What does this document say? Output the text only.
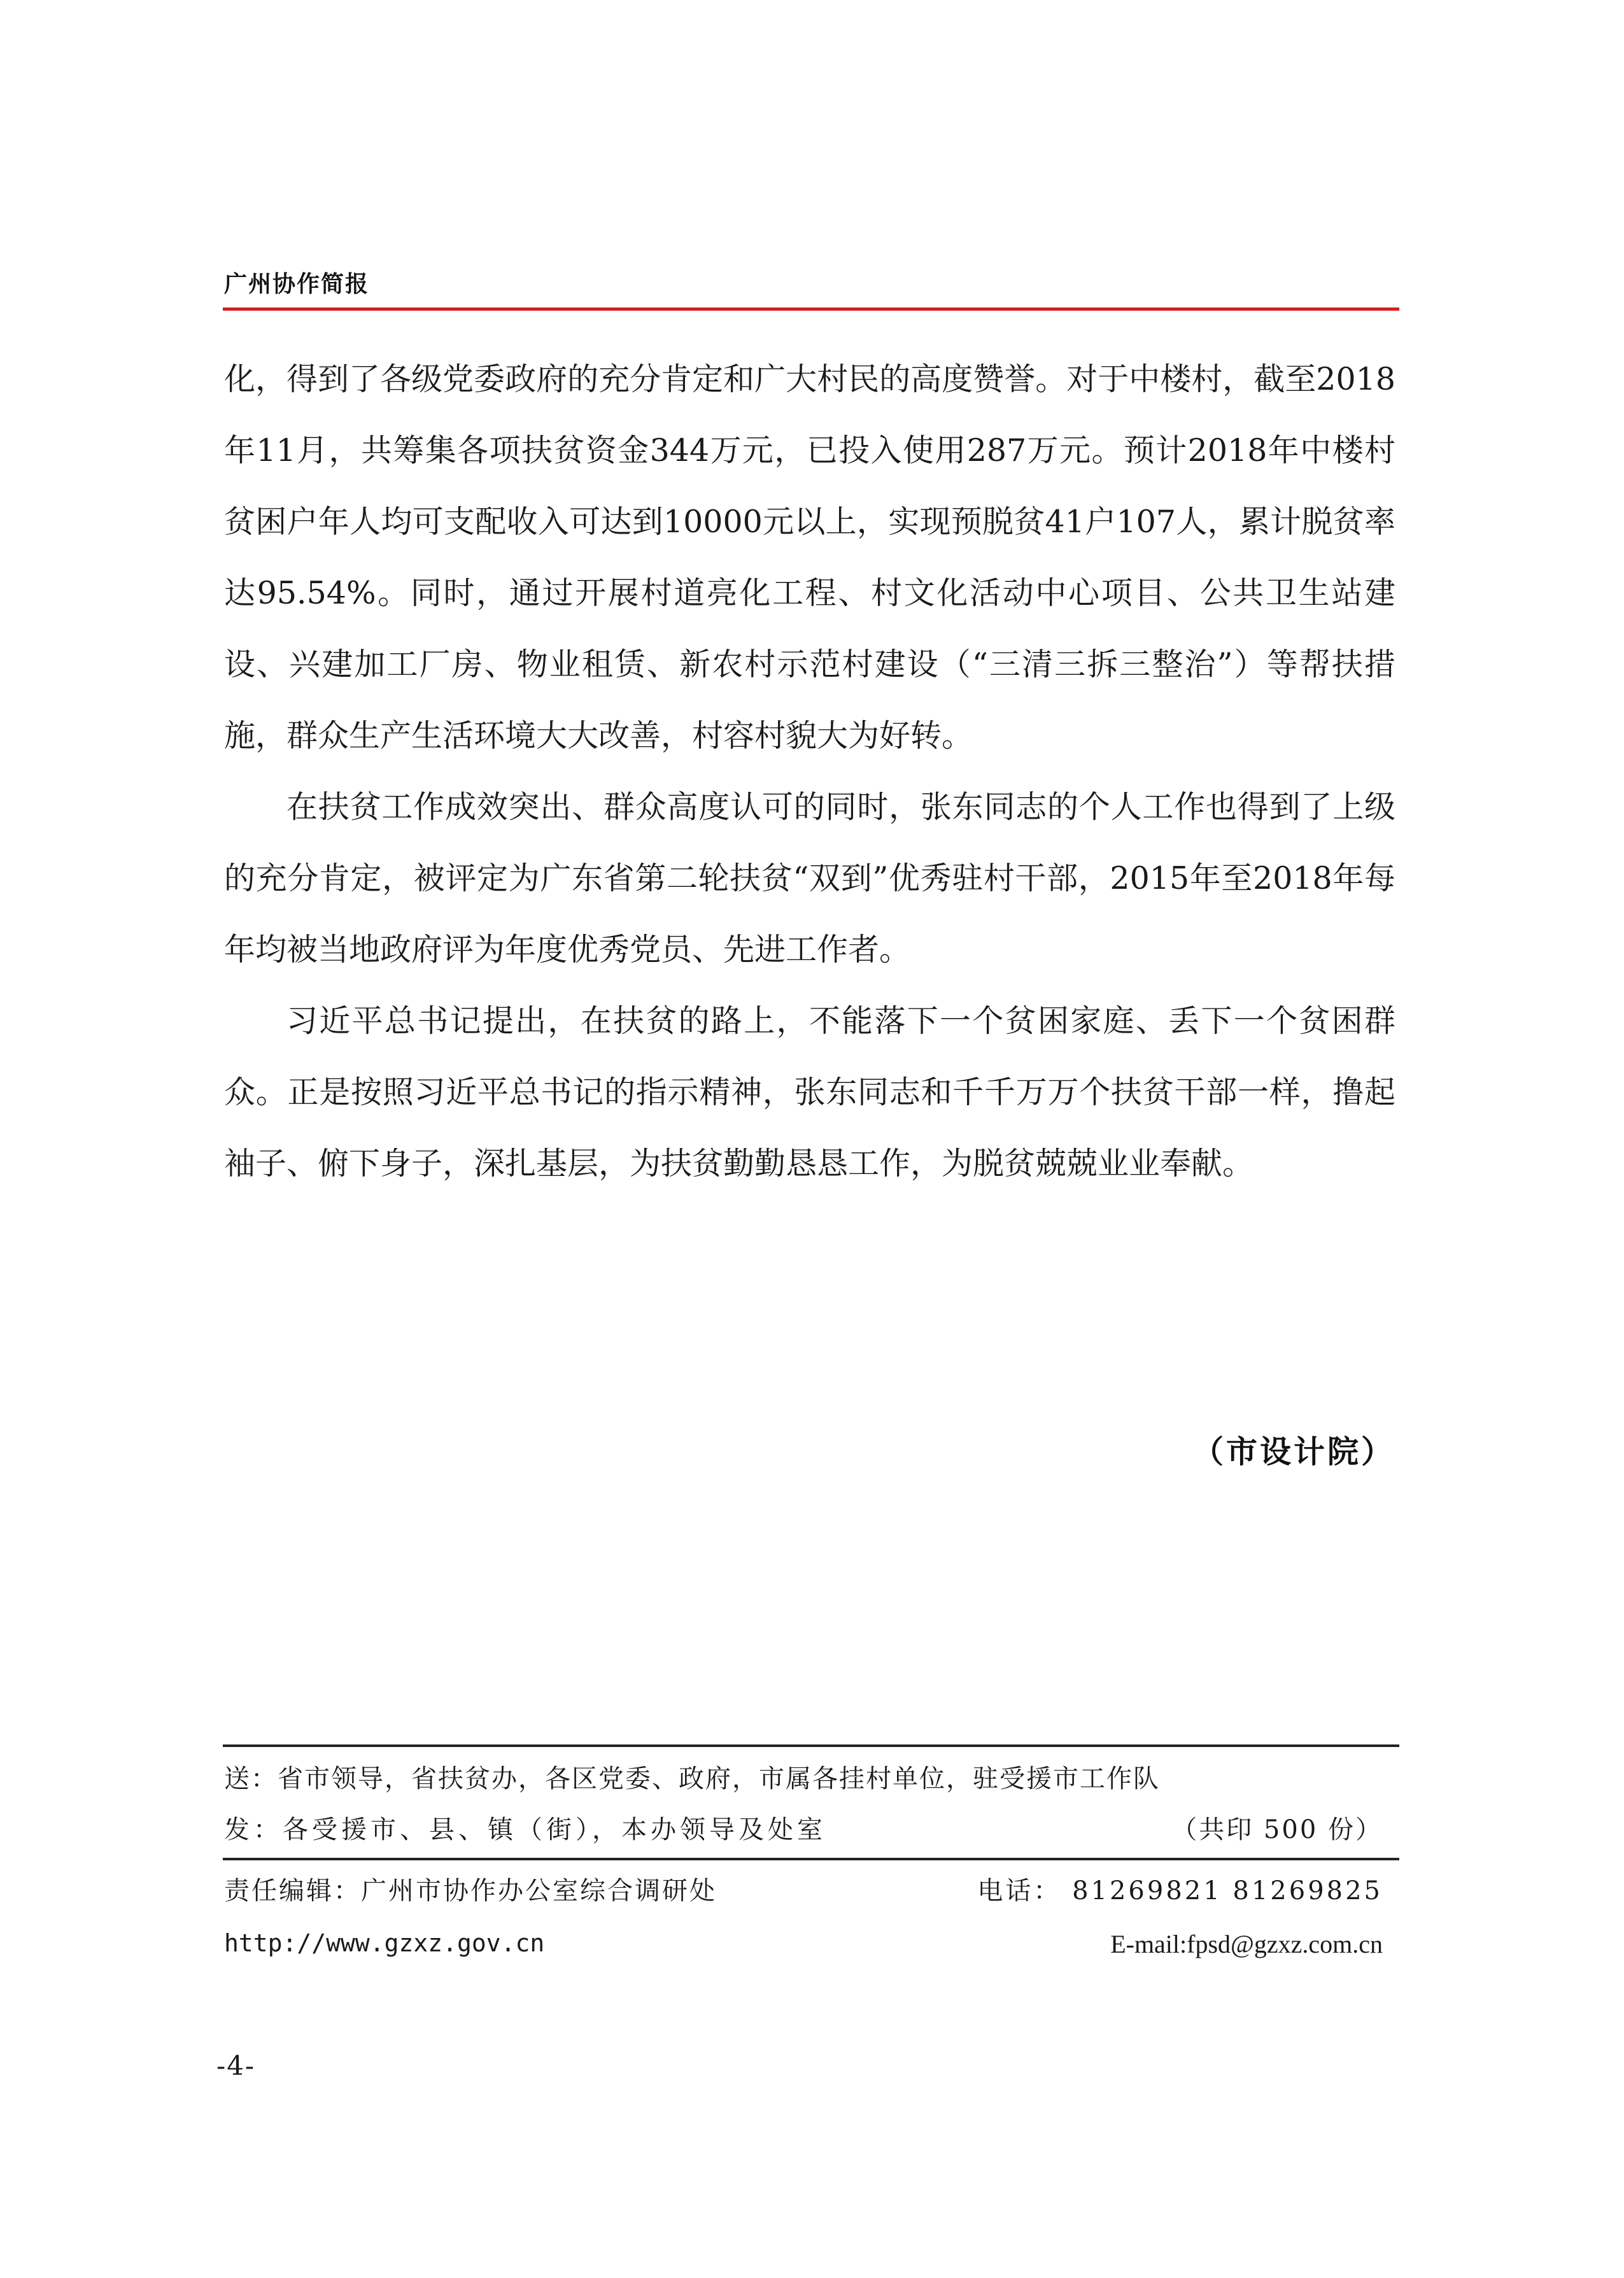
广州协作简报

化，得到了各级党委政府的充分肯定和广大村民的高度赞誉。对于中楼村，截至2018年11月，共筹集各项扶贫资金344万元，已投入使用287万元。预计2018年中楼村贫困户年人均可支配收入可达到10000元以上，实现预脱贫41户107人，累计脱贫率达95.54%。同时，通过开展村道亮化工程、村文化活动中心项目、公共卫生站建设、兴建加工厂房、物业租赁、新农村示范村建设（“三清三拆三整治”）等帮扶措施，群众生产生活环境大大改善，村容村貌大为好转。

在扶贫工作成效突出、群众高度认可的同时，张东同志的个人工作也得到了上级的充分肯定，被评定为广东省第二轮扶贫“双到”优秀驻村干部，2015年至2018年每年均被当地政府评为年度优秀党员、先进工作者。

习近平总书记提出，在扶贫的路上，不能落下一个贫困家庭、丢下一个贫困群众。正是按照习近平总书记的指示精神，张东同志和千千万万个扶贫干部一样，撸起袖子、俯下身子，深扎基层，为扶贫勤勤恳恳工作，为脱贫兢兢业业奉献。

（市设计院）
送：省市领导，省扶贫办，各区党委、政府，市属各挂村单位，驻受援市工作队
发：各受援市、县、镇（街），本办领导及处室	（共印 500 份）
责任编辑：广州市协作办公室综合调研处	电话： 81269821 81269825
http://www.gzxz.gov.cn	E-mail:fpsd@gzxz.com.cn
-4-
